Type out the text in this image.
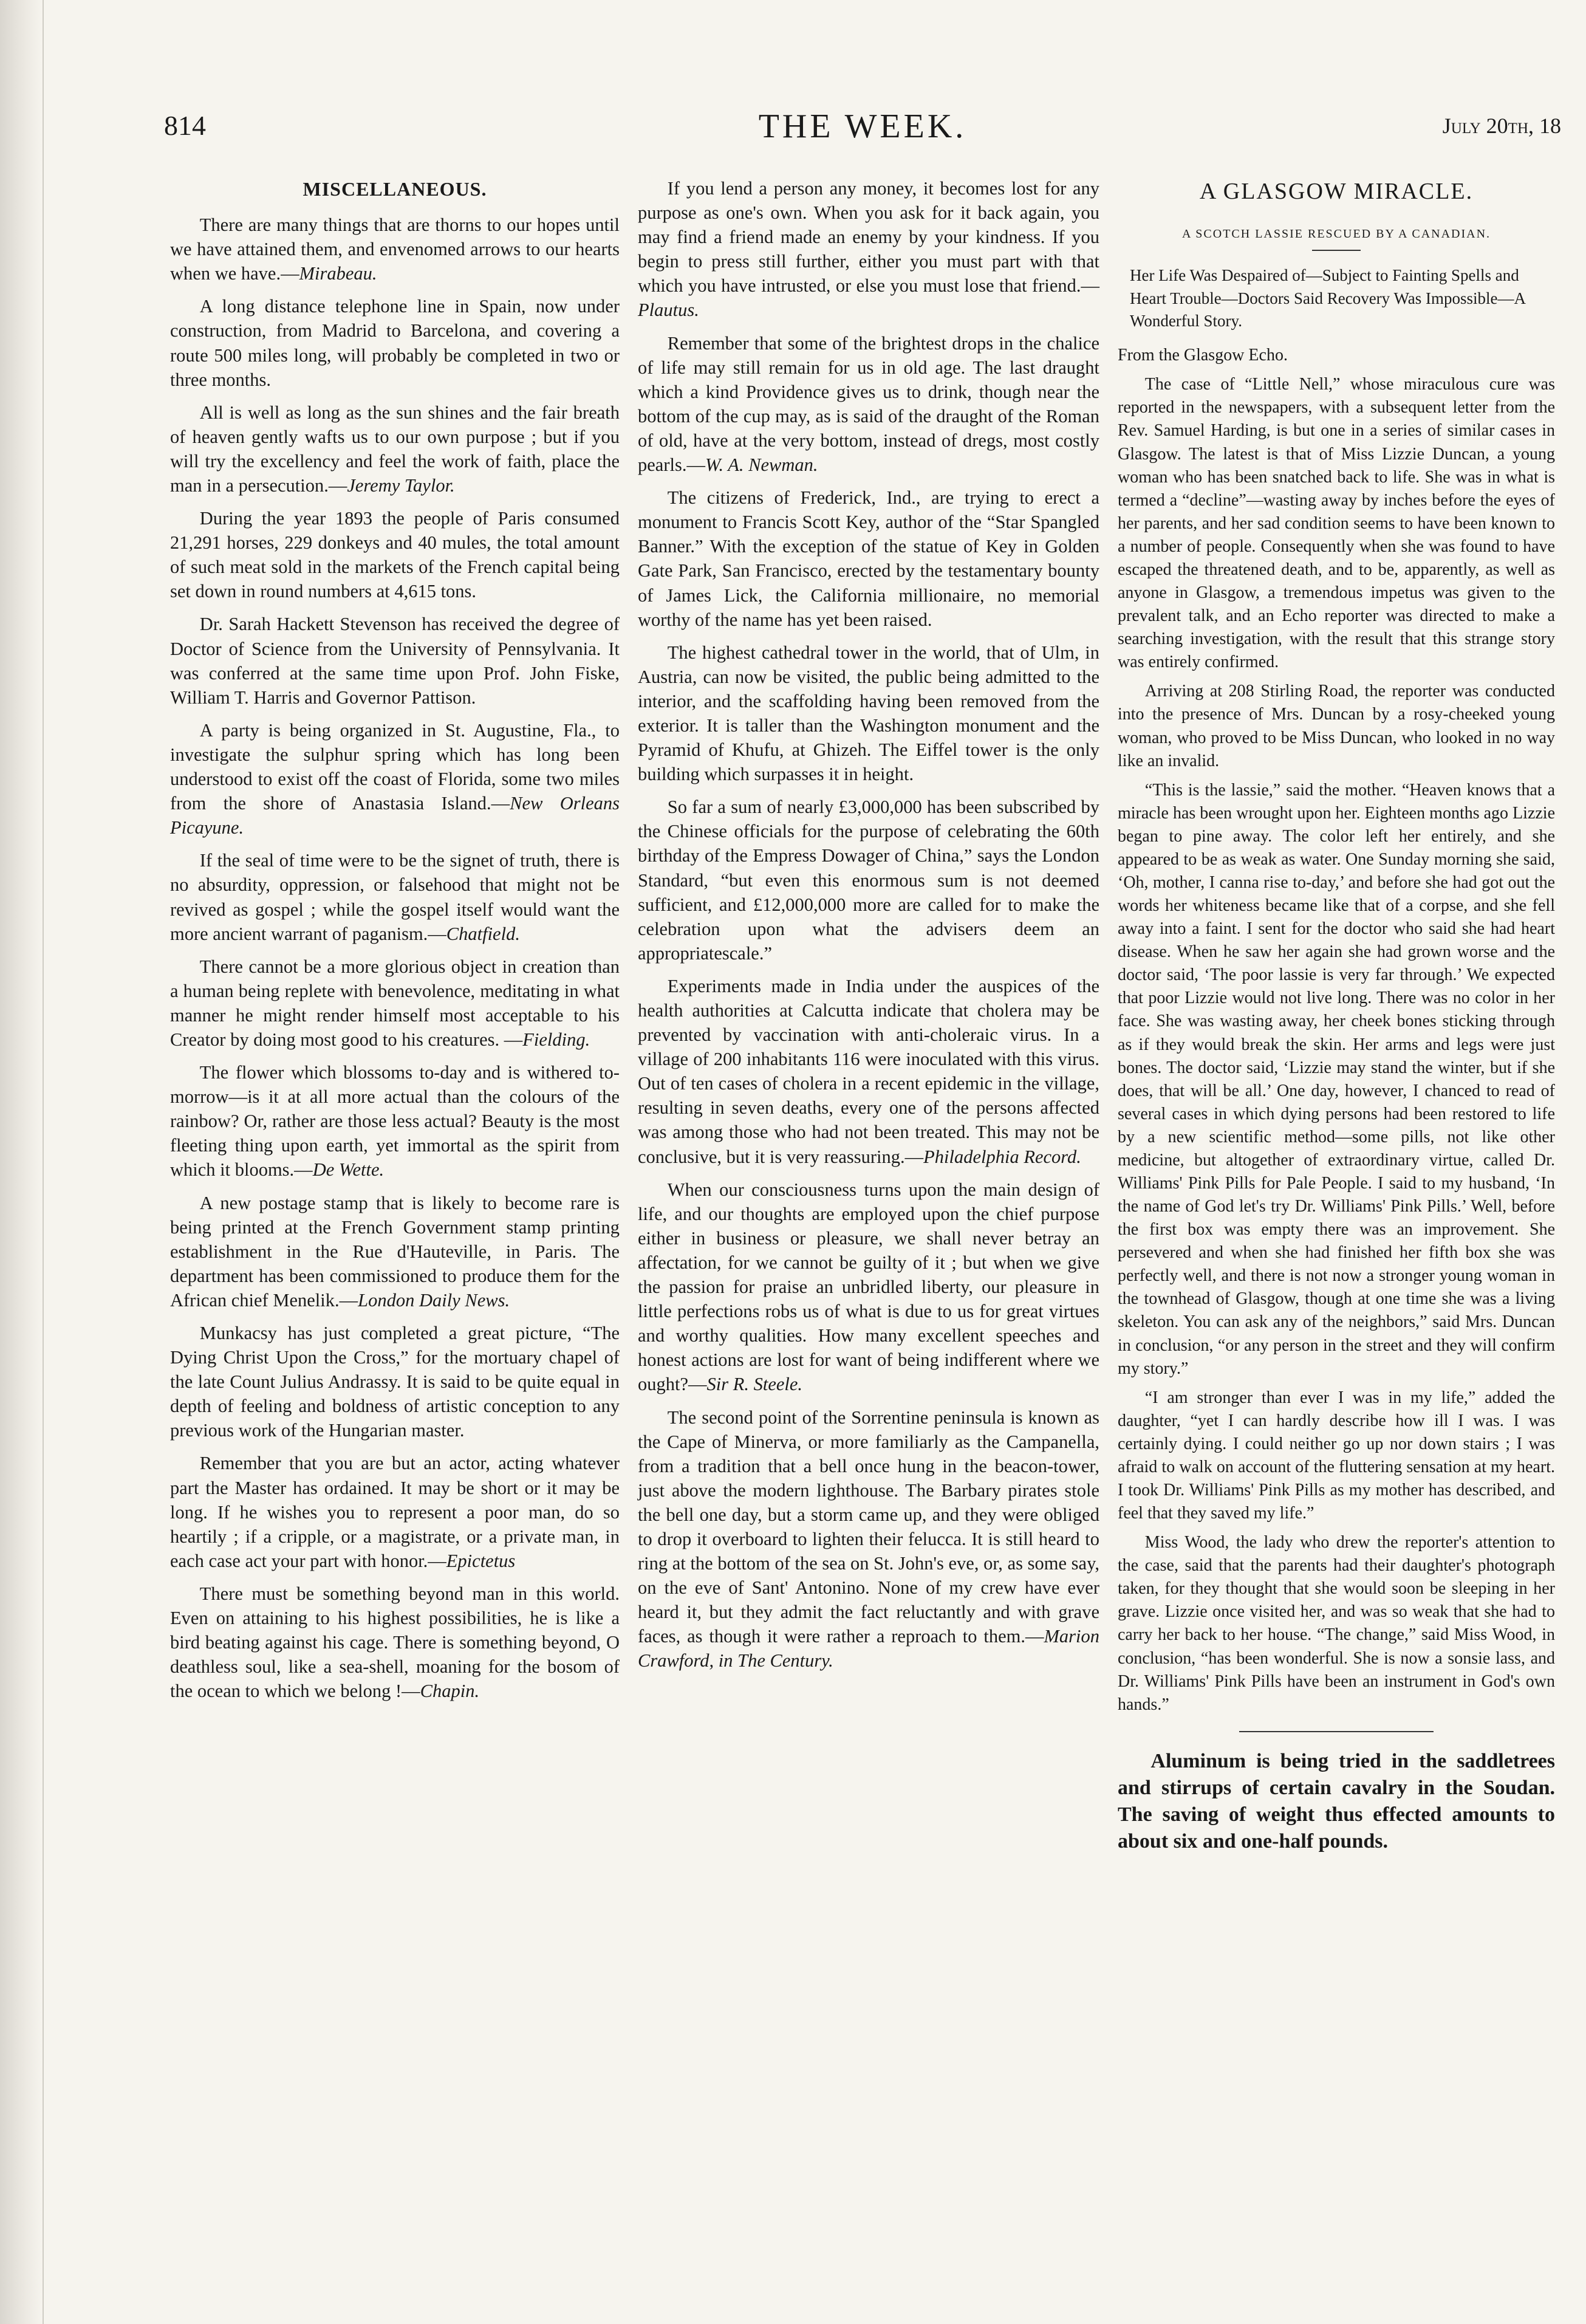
814	THE WEEK.	July 20th, 18
MISCELLANEOUS.

There are many things that are thorns to our hopes until we have attained them, and envenomed arrows to our hearts when we have.—Mirabeau.

A long distance telephone line in Spain, now under construction, from Madrid to Barcelona, and covering a route 500 miles long, will probably be completed in two or three months.

All is well as long as the sun shines and the fair breath of heaven gently wafts us to our own purpose ; but if you will try the excellency and feel the work of faith, place the man in a persecution.—Jeremy Taylor.

During the year 1893 the people of Paris consumed 21,291 horses, 229 donkeys and 40 mules, the total amount of such meat sold in the markets of the French capital being set down in round numbers at 4,615 tons.

Dr. Sarah Hackett Stevenson has received the degree of Doctor of Science from the University of Pennsylvania. It was conferred at the same time upon Prof. John Fiske, William T. Harris and Governor Pattison.

A party is being organized in St. Augustine, Fla., to investigate the sulphur spring which has long been understood to exist off the coast of Florida, some two miles from the shore of Anastasia Island.—New Orleans Picayune.

If the seal of time were to be the signet of truth, there is no absurdity, oppression, or falsehood that might not be revived as gospel ; while the gospel itself would want the more ancient warrant of paganism.—Chatfield.

There cannot be a more glorious object in creation than a human being replete with benevolence, meditating in what manner he might render himself most acceptable to his Creator by doing most good to his creatures. —Fielding.

The flower which blossoms to-day and is withered to-morrow—is it at all more actual than the colours of the rainbow? Or, rather are those less actual? Beauty is the most fleeting thing upon earth, yet immortal as the spirit from which it blooms.—De Wette.

A new postage stamp that is likely to become rare is being printed at the French Government stamp printing establishment in the Rue d'Hauteville, in Paris. The department has been commissioned to produce them for the African chief Menelik.—London Daily News.

Munkacsy has just completed a great picture, “The Dying Christ Upon the Cross,” for the mortuary chapel of the late Count Julius Andrassy. It is said to be quite equal in depth of feeling and boldness of artistic conception to any previous work of the Hungarian master.

Remember that you are but an actor, acting whatever part the Master has ordained. It may be short or it may be long. If he wishes you to represent a poor man, do so heartily ; if a cripple, or a magistrate, or a private man, in each case act your part with honor.—Epictetus

There must be something beyond man in this world. Even on attaining to his highest possibilities, he is like a bird beating against his cage. There is something beyond, O deathless soul, like a sea-shell, moaning for the bosom of the ocean to which we belong !—Chapin.

If you lend a person any money, it becomes lost for any purpose as one's own. When you ask for it back again, you may find a friend made an enemy by your kindness. If you begin to press still further, either you must part with that which you have intrusted, or else you must lose that friend.—Plautus.

Remember that some of the brightest drops in the chalice of life may still remain for us in old age. The last draught which a kind Providence gives us to drink, though near the bottom of the cup may, as is said of the draught of the Roman of old, have at the very bottom, instead of dregs, most costly pearls.—W. A. Newman.

The citizens of Frederick, Ind., are trying to erect a monument to Francis Scott Key, author of the “Star Spangled Banner.” With the exception of the statue of Key in Golden Gate Park, San Francisco, erected by the testamentary bounty of James Lick, the California millionaire, no memorial worthy of the name has yet been raised.

The highest cathedral tower in the world, that of Ulm, in Austria, can now be visited, the public being admitted to the interior, and the scaffolding having been removed from the exterior. It is taller than the Washington monument and the Pyramid of Khufu, at Ghizeh. The Eiffel tower is the only building which surpasses it in height.

So far a sum of nearly £3,000,000 has been subscribed by the Chinese officials for the purpose of celebrating the 60th birthday of the Empress Dowager of China,” says the London Standard, “but even this enormous sum is not deemed sufficient, and £12,000,000 more are called for to make the celebration upon what the advisers deem an appropriatescale.”

Experiments made in India under the auspices of the health authorities at Calcutta indicate that cholera may be prevented by vaccination with anti-choleraic virus. In a village of 200 inhabitants 116 were inoculated with this virus. Out of ten cases of cholera in a recent epidemic in the village, resulting in seven deaths, every one of the persons affected was among those who had not been treated. This may not be conclusive, but it is very reassuring.—Philadelphia Record.

When our consciousness turns upon the main design of life, and our thoughts are employed upon the chief purpose either in business or pleasure, we shall never betray an affectation, for we cannot be guilty of it ; but when we give the passion for praise an unbridled liberty, our pleasure in little perfections robs us of what is due to us for great virtues and worthy qualities. How many excellent speeches and honest actions are lost for want of being indifferent where we ought?—Sir R. Steele.

The second point of the Sorrentine peninsula is known as the Cape of Minerva, or more familiarly as the Campanella, from a tradition that a bell once hung in the beacon-tower, just above the modern lighthouse. The Barbary pirates stole the bell one day, but a storm came up, and they were obliged to drop it overboard to lighten their felucca. It is still heard to ring at the bottom of the sea on St. John's eve, or, as some say, on the eve of Sant' Antonino. None of my crew have ever heard it, but they admit the fact reluctantly and with grave faces, as though it were rather a reproach to them.—Marion Crawford, in The Century.

A GLASGOW MIRACLE.
A SCOTCH LASSIE RESCUED BY A CANADIAN.

Her Life Was Despaired of—Subject to Fainting Spells and Heart Trouble—Doctors Said Recovery Was Impossible—A Wonderful Story.

From the Glasgow Echo.

The case of “Little Nell,” whose miraculous cure was reported in the newspapers, with a subsequent letter from the Rev. Samuel Harding, is but one in a series of similar cases in Glasgow. The latest is that of Miss Lizzie Duncan, a young woman who has been snatched back to life. She was in what is termed a “decline”—wasting away by inches before the eyes of her parents, and her sad condition seems to have been known to a number of people. Consequently when she was found to have escaped the threatened death, and to be, apparently, as well as anyone in Glasgow, a tremendous impetus was given to the prevalent talk, and an Echo reporter was directed to make a searching investigation, with the result that this strange story was entirely confirmed.

Arriving at 208 Stirling Road, the reporter was conducted into the presence of Mrs. Duncan by a rosy-cheeked young woman, who proved to be Miss Duncan, who looked in no way like an invalid.

“This is the lassie,” said the mother. “Heaven knows that a miracle has been wrought upon her. Eighteen months ago Lizzie began to pine away. The color left her entirely, and she appeared to be as weak as water. One Sunday morning she said, ‘Oh, mother, I canna rise to-day,’ and before she had got out the words her whiteness became like that of a corpse, and she fell away into a faint. I sent for the doctor who said she had heart disease. When he saw her again she had grown worse and the doctor said, ‘The poor lassie is very far through.’ We expected that poor Lizzie would not live long. There was no color in her face. She was wasting away, her cheek bones sticking through as if they would break the skin. Her arms and legs were just bones. The doctor said, ‘Lizzie may stand the winter, but if she does, that will be all.’ One day, however, I chanced to read of several cases in which dying persons had been restored to life by a new scientific method—some pills, not like other medicine, but altogether of extraordinary virtue, called Dr. Williams' Pink Pills for Pale People. I said to my husband, ‘In the name of God let's try Dr. Williams' Pink Pills.’ Well, before the first box was empty there was an improvement. She persevered and when she had finished her fifth box she was perfectly well, and there is not now a stronger young woman in the townhead of Glasgow, though at one time she was a living skeleton. You can ask any of the neighbors,” said Mrs. Duncan in conclusion, “or any person in the street and they will confirm my story.”

“I am stronger than ever I was in my life,” added the daughter, “yet I can hardly describe how ill I was. I was certainly dying. I could neither go up nor down stairs ; I was afraid to walk on account of the fluttering sensation at my heart. I took Dr. Williams' Pink Pills as my mother has described, and feel that they saved my life.”

Miss Wood, the lady who drew the reporter's attention to the case, said that the parents had their daughter's photograph taken, for they thought that she would soon be sleeping in her grave. Lizzie once visited her, and was so weak that she had to carry her back to her house. “The change,” said Miss Wood, in conclusion, “has been wonderful. She is now a sonsie lass, and Dr. Williams' Pink Pills have been an instrument in God's own hands.”

Aluminum is being tried in the saddletrees and stirrups of certain cavalry in the Soudan. The saving of weight thus effected amounts to about six and one-half pounds.
